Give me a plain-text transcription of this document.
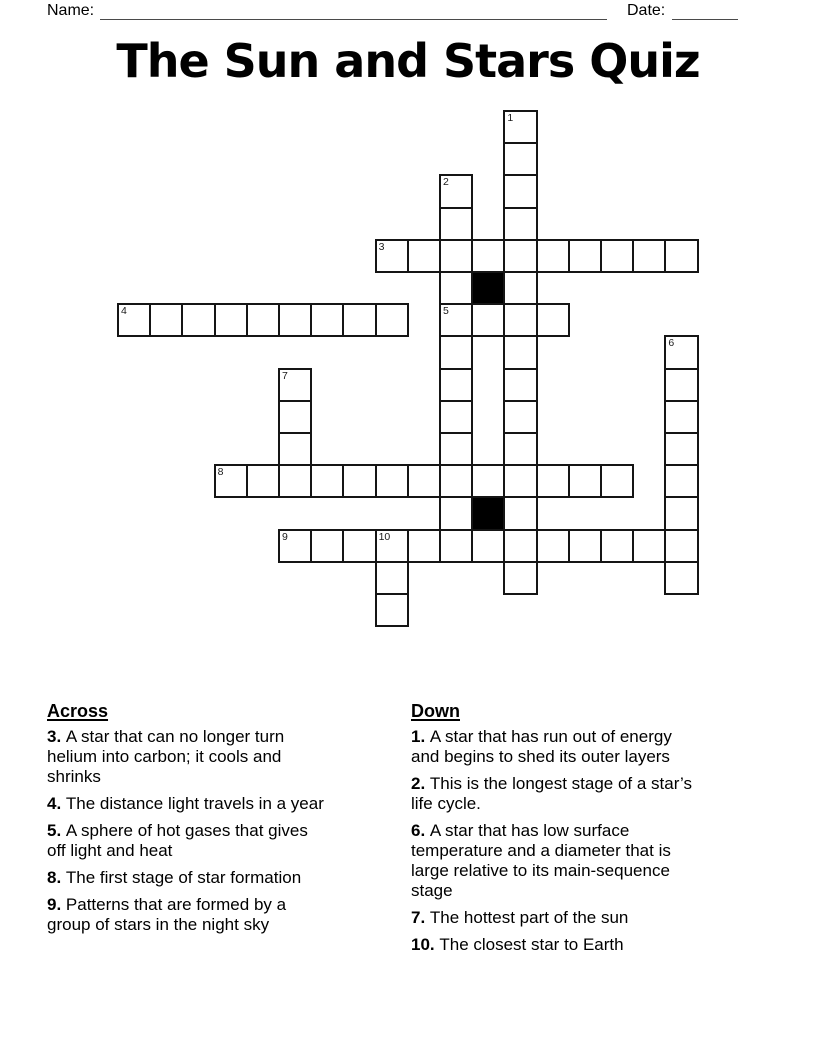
Name:	Date:
The Sun and Stars Quiz
1
2
3
4	5
6
7
8
9	10
Across

3. A star that can no longer turn helium into carbon; it cools and shrinks

4. The distance light travels in a year

5. A sphere of hot gases that gives off light and heat

8. The first stage of star formation

9. Patterns that are formed by a group of stars in the night sky

Down

1. A star that has run out of energy and begins to shed its outer layers

2. This is the longest stage of a star’s life cycle.

6. A star that has low surface temperature and a diameter that is large relative to its main-sequence stage

7. The hottest part of the sun

10. The closest star to Earth
